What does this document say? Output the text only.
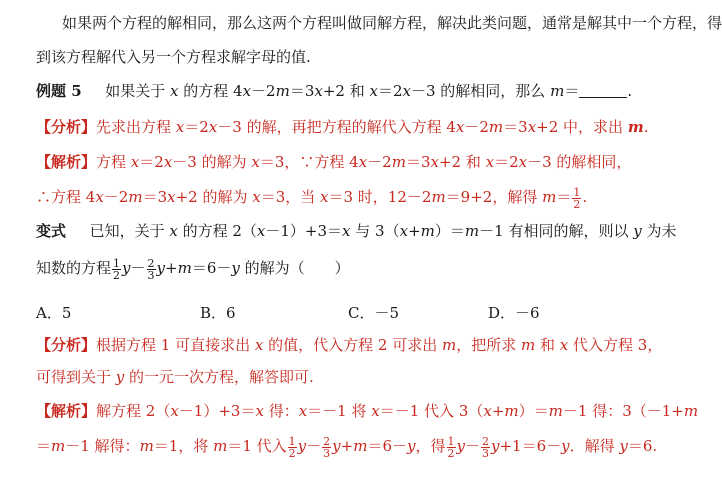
如果两个方程的解相同，那么这两个方程叫做同解方程，解决此类问题，通常是解其中一个方程，得
到该方程解代入另一个方程求解字母的值.
例题 5 如果关于 x 的方程 4x－2m＝3x+2 和 x＝2x－3 的解相同，那么 m＝	.
【分析】先求出方程 x＝2x－3 的解，再把方程的解代入方程 4x－2m＝3x+2 中，求出 m.
【解析】方程 x＝2x－3 的解为 x＝3，∵方程 4x－2m＝3x+2 和 x＝2x－3 的解相同，
∴方程 4x－2m＝3x+2 的解为 x＝3，当 x＝3 时，12－2m＝9+2，解得 $m= \frac{1}{2}$ .
变式 已知，关于 x 的方程 2（x－1）+3＝x 与 3（x+m）＝m－1 有相同的解，则以 y 为未
知数的方程 $\frac{1}{2} y- \frac{2}{3} y+m=6-y$ 的解为（　　）
A．5	B．6	C．－5	D．－6
【分析】根据方程 1 可直接求出 x 的值，代入方程 2 可求出 m，把所求 m 和 x 代入方程 3，
可得到关于 y 的一元一次方程，解答即可.
【解析】解方程 2（x－1）+3＝x 得：x＝－1 将 x＝－1 代入 3（x+m）＝m－1 得：3（－1+m
＝m－1 解得：m＝1，将 m＝1 代入 $\frac{1}{2} y- \frac{2}{3} y+m=6-y$，得 $\frac{1}{2} y- \frac{2}{3} y+1=6-y$．解得 y＝6.
